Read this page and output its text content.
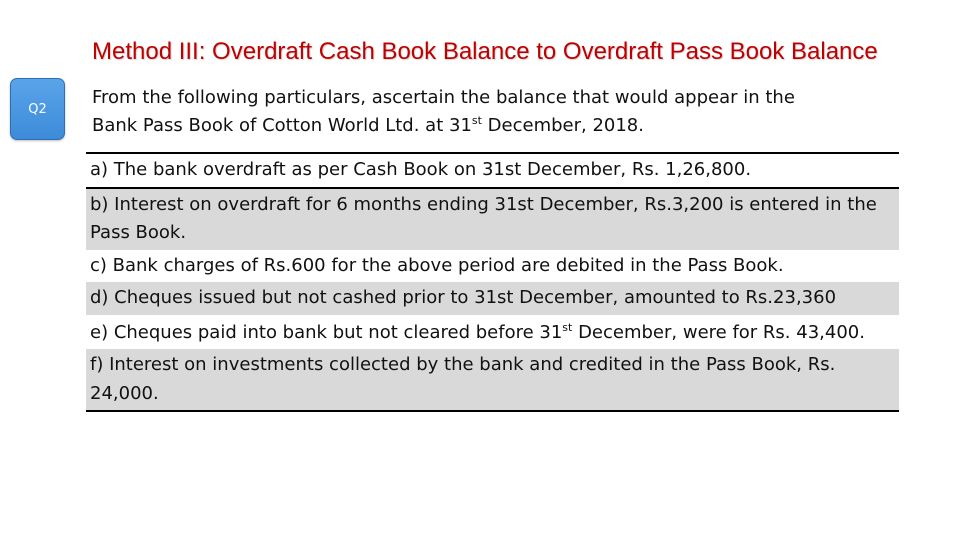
Method III: Overdraft Cash Book Balance to Overdraft Pass Book Balance
Q2
From the following particulars, ascertain the balance that would appear in the
Bank Pass Book of Cotton World Ltd. at 31st December, 2018.
a) The bank overdraft as per Cash Book on 31st December, Rs. 1,26,800.
b) Interest on overdraft for 6 months ending 31st December, Rs.3,200 is entered in the Pass Book.
c) Bank charges of Rs.600 for the above period are debited in the Pass Book.
d) Cheques issued but not cashed prior to 31st December, amounted to Rs.23,360
e) Cheques paid into bank but not cleared before 31st December, were for Rs. 43,400.
f) Interest on investments collected by the bank and credited in the Pass Book, Rs. 24,000.
